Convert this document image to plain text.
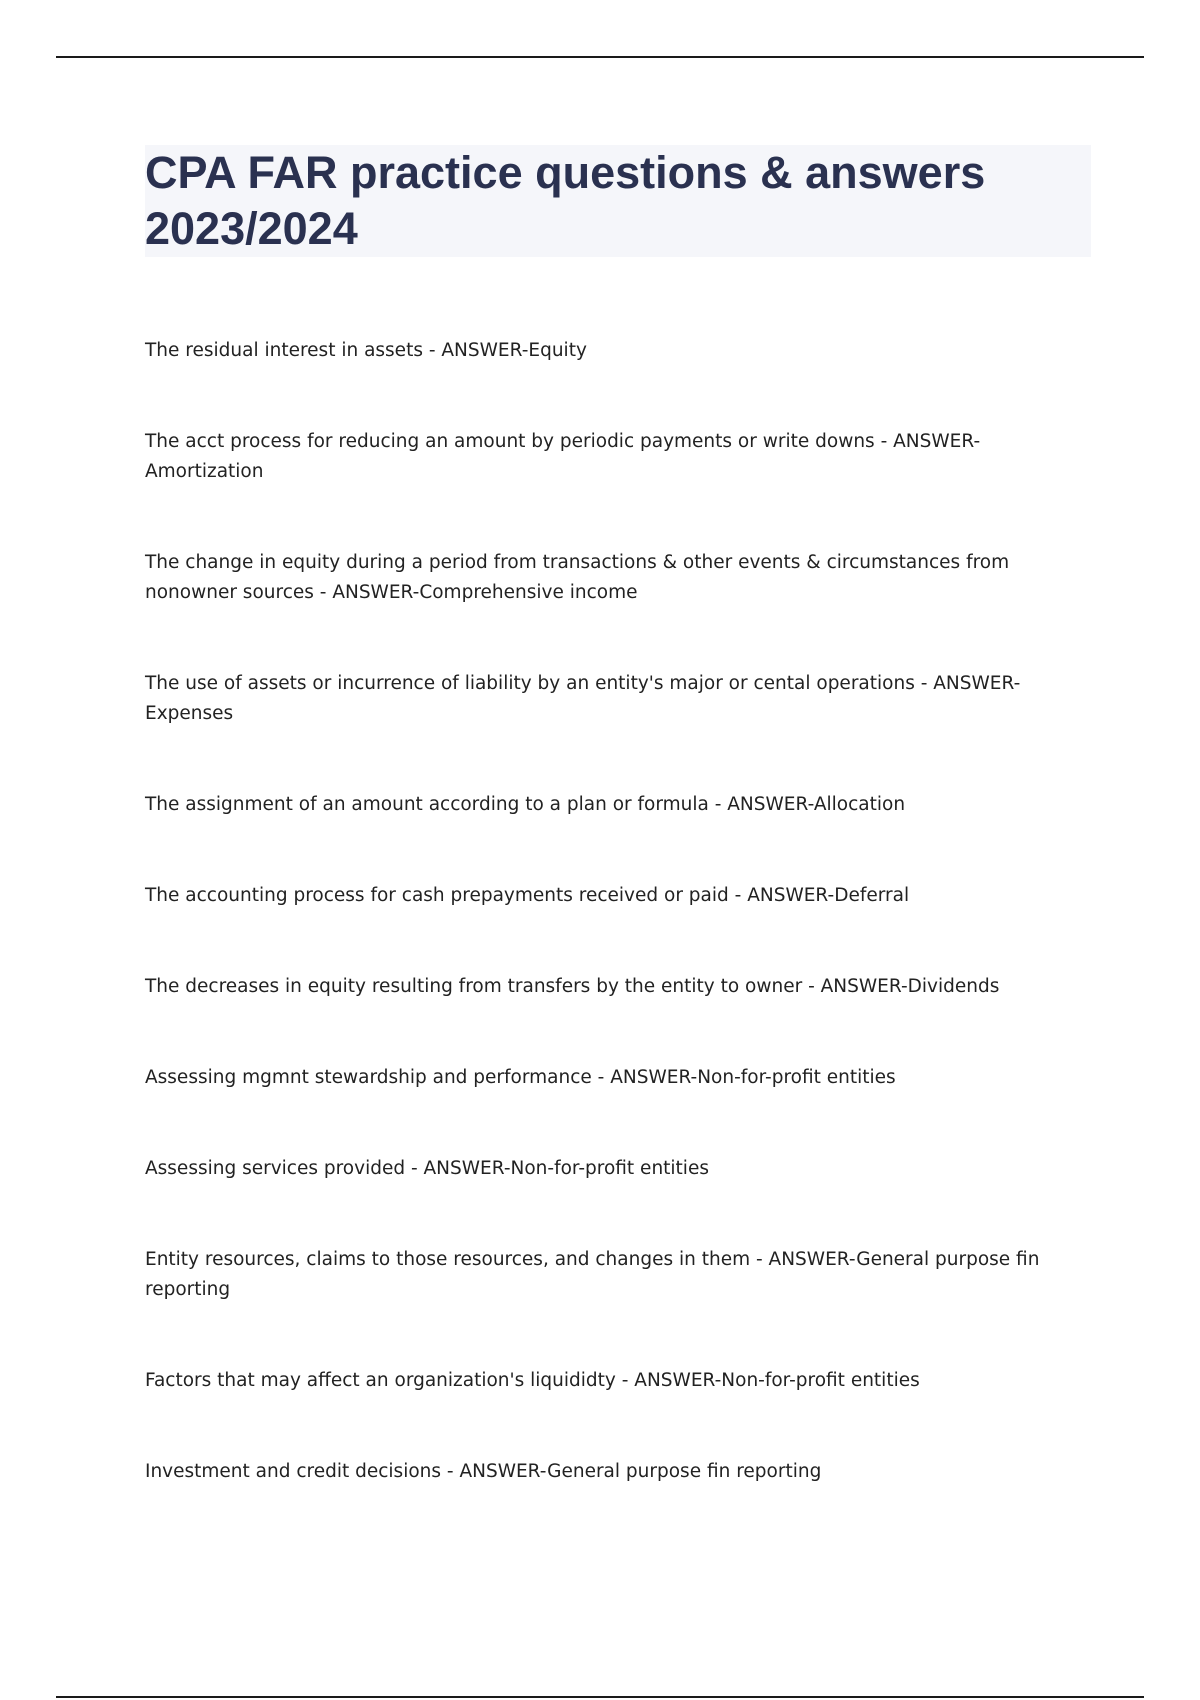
CPA FAR practice questions & answers 2023/2024
The residual interest in assets - ANSWER-Equity
The acct process for reducing an amount by periodic payments or write downs - ANSWER-Amortization
The change in equity during a period from transactions & other events & circumstances from nonowner sources - ANSWER-Comprehensive income
The use of assets or incurrence of liability by an entity's major or cental operations - ANSWER-Expenses
The assignment of an amount according to a plan or formula - ANSWER-Allocation
The accounting process for cash prepayments received or paid - ANSWER-Deferral
The decreases in equity resulting from transfers by the entity to owner - ANSWER-Dividends
Assessing mgmnt stewardship and performance - ANSWER-Non-for-profit entities
Assessing services provided - ANSWER-Non-for-profit entities
Entity resources, claims to those resources, and changes in them - ANSWER-General purpose fin reporting
Factors that may affect an organization's liquididty - ANSWER-Non-for-profit entities
Investment and credit decisions - ANSWER-General purpose fin reporting
